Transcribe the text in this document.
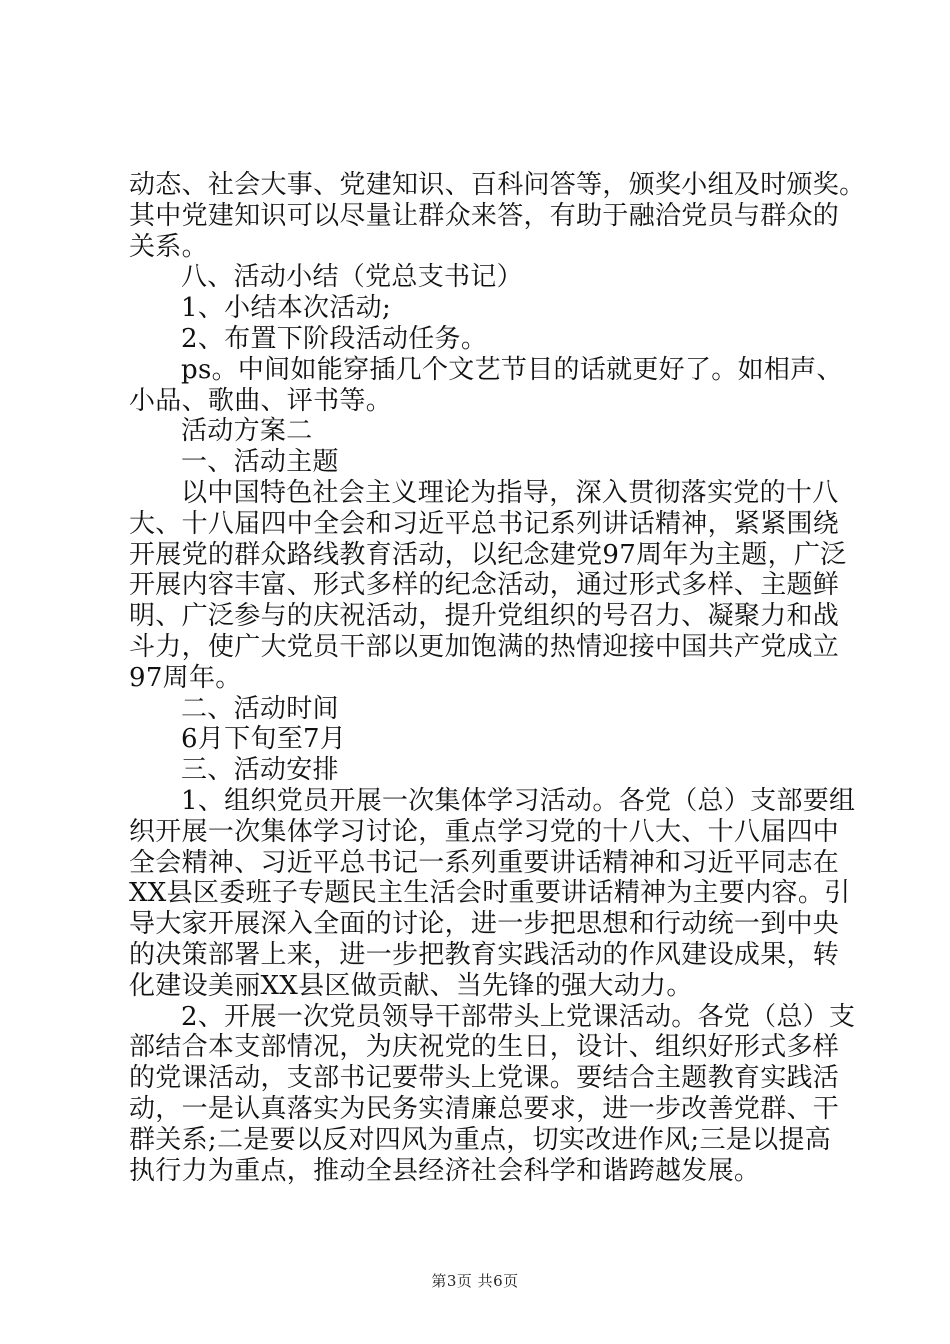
动态、社会大事、党建知识、百科问答等，颁奖小组及时颁奖。
其中党建知识可以尽量让群众来答，有助于融洽党员与群众的
关系。
八、活动小结（党总支书记）
1、小结本次活动;
2、布置下阶段活动任务。
ps。中间如能穿插几个文艺节目的话就更好了。如相声、
小品、歌曲、评书等。
活动方案二
一、活动主题
以中国特色社会主义理论为指导，深入贯彻落实党的十八
大、十八届四中全会和习近平总书记系列讲话精神，紧紧围绕
开展党的群众路线教育活动，以纪念建党97周年为主题，广泛
开展内容丰富、形式多样的纪念活动，通过形式多样、主题鲜
明、广泛参与的庆祝活动，提升党组织的号召力、凝聚力和战
斗力，使广大党员干部以更加饱满的热情迎接中国共产党成立
97周年。
二、活动时间
6月下旬至7月
三、活动安排
1、组织党员开展一次集体学习活动。各党（总）支部要组
织开展一次集体学习讨论，重点学习党的十八大、十八届四中
全会精神、习近平总书记一系列重要讲话精神和习近平同志在
XX县区委班子专题民主生活会时重要讲话精神为主要内容。引
导大家开展深入全面的讨论，进一步把思想和行动统一到中央
的决策部署上来，进一步把教育实践活动的作风建设成果，转
化建设美丽XX县区做贡献、当先锋的强大动力。
2、开展一次党员领导干部带头上党课活动。各党（总）支
部结合本支部情况，为庆祝党的生日，设计、组织好形式多样
的党课活动，支部书记要带头上党课。要结合主题教育实践活
动，一是认真落实为民务实清廉总要求，进一步改善党群、干
群关系;二是要以反对四风为重点，切实改进作风;三是以提高
执行力为重点，推动全县经济社会科学和谐跨越发展。
第3页 共6页
